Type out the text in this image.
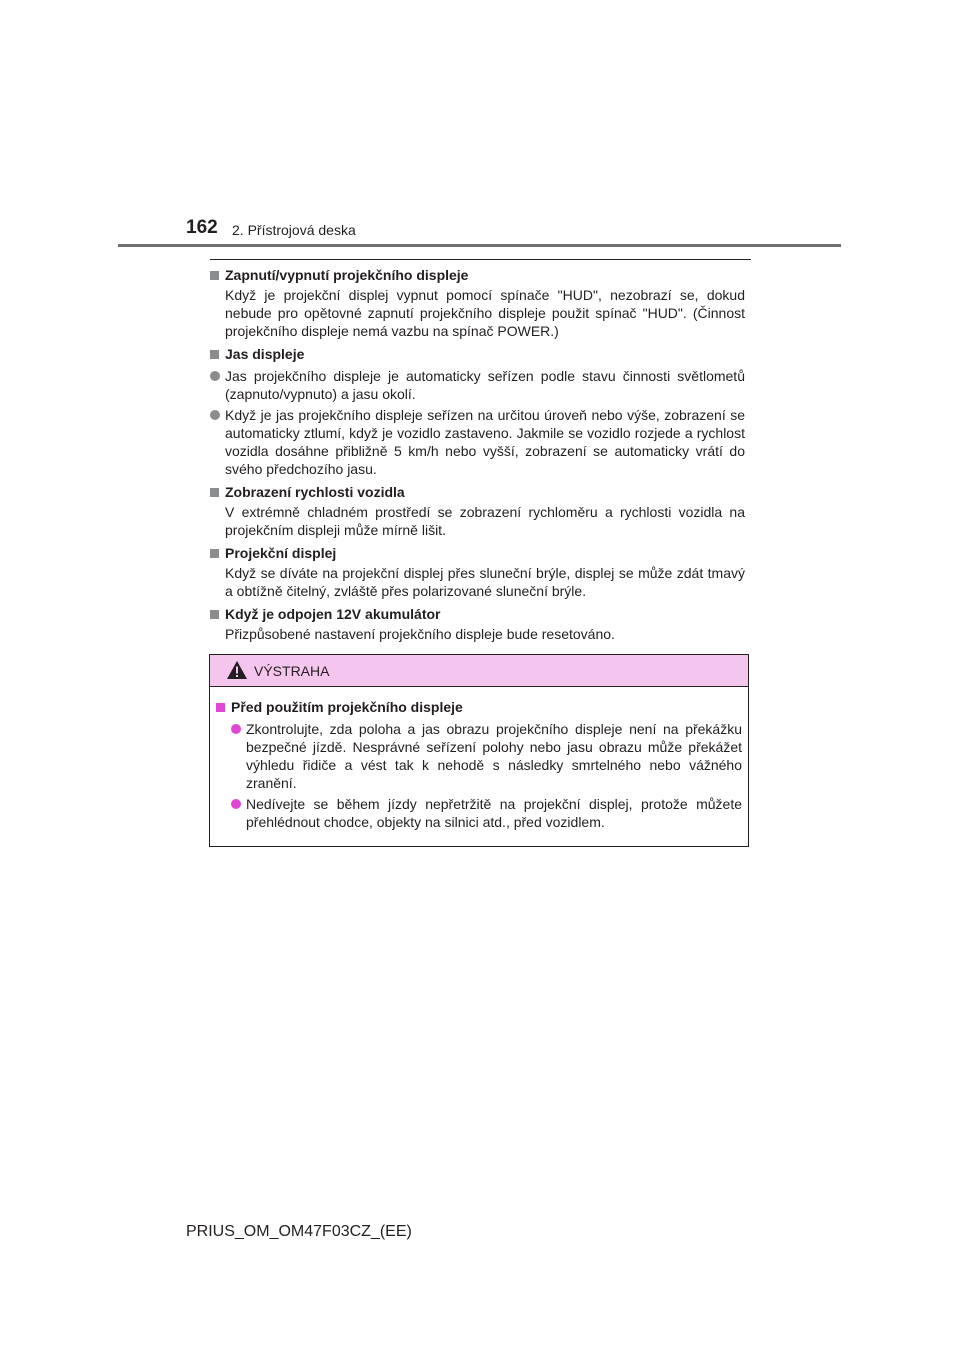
162 2. Přístrojová deska
Zapnutí/vypnutí projekčního displeje
Když je projekční displej vypnut pomocí spínače "HUD", nezobrazí se, dokud nebude pro opětovné zapnutí projekčního displeje použit spínač "HUD". (Činnost projekčního displeje nemá vazbu na spínač POWER.)
Jas displeje
Jas projekčního displeje je automaticky seřízen podle stavu činnosti světlometů (zapnuto/vypnuto) a jasu okolí.
Když je jas projekčního displeje seřízen na určitou úroveň nebo výše, zobrazení se automaticky ztlumí, když je vozidlo zastaveno. Jakmile se vozidlo rozjede a rychlost vozidla dosáhne přibližně 5 km/h nebo vyšší, zobrazení se automaticky vrátí do svého předchozího jasu.
Zobrazení rychlosti vozidla
V extrémně chladném prostředí se zobrazení rychloměru a rychlosti vozidla na projekčním displeji může mírně lišit.
Projekční displej
Když se díváte na projekční displej přes sluneční brýle, displej se může zdát tmavý a obtížně čitelný, zvláště přes polarizované sluneční brýle.
Když je odpojen 12V akumulátor
Přizpůsobené nastavení projekčního displeje bude resetováno.
VÝSTRAHA
Před použitím projekčního displeje
Zkontrolujte, zda poloha a jas obrazu projekčního displeje není na překážku bezpečné jízdě. Nesprávné seřízení polohy nebo jasu obrazu může překážet výhledu řidiče a vést tak k nehodě s následky smrtelného nebo vážného zranění.
Nedívejte se během jízdy nepřetržitě na projekční displej, protože můžete přehlédnout chodce, objekty na silnici atd., před vozidlem.
PRIUS_OM_OM47F03CZ_(EE)
